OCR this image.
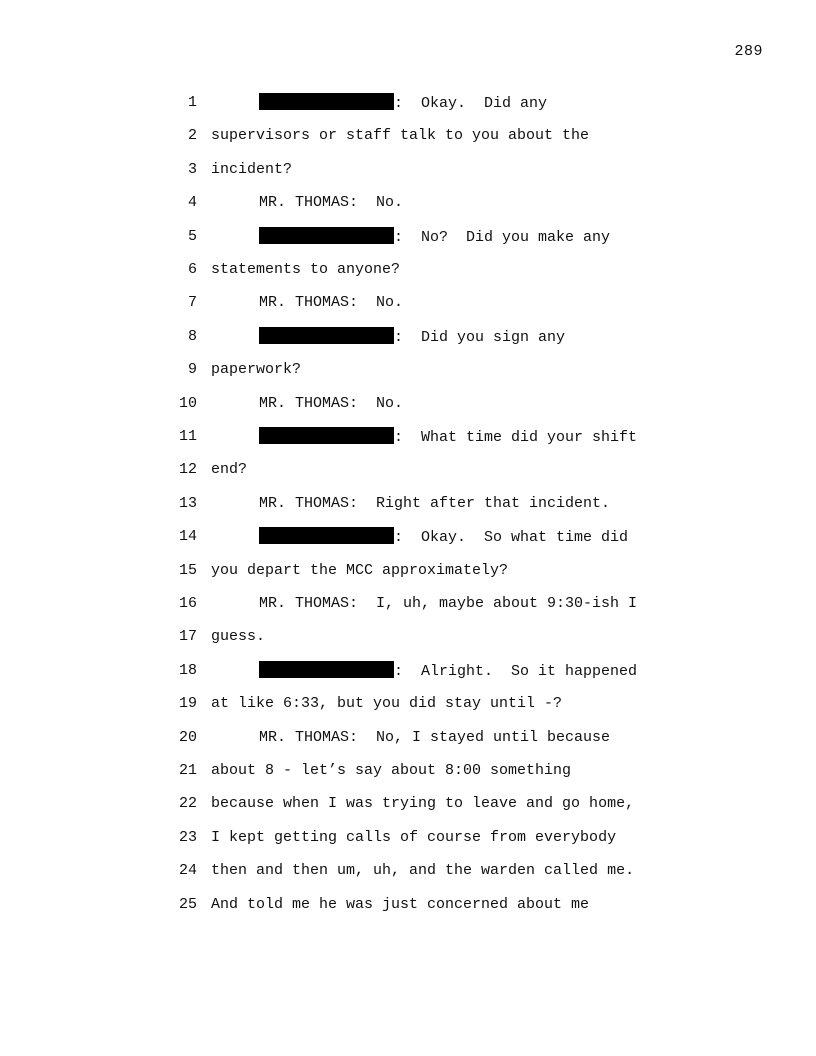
289
1	:  Okay.  Did any
2 supervisors or staff talk to you about the
3 incident?
4	MR. THOMAS:  No.
5	:  No?  Did you make any
6 statements to anyone?
7	MR. THOMAS:  No.
8	:  Did you sign any
9 paperwork?
10	MR. THOMAS:  No.
11	:  What time did your shift
12 end?
13	MR. THOMAS:  Right after that incident.
14	:  Okay.  So what time did
15 you depart the MCC approximately?
16	MR. THOMAS:  I, uh, maybe about 9:30-ish I
17 guess.
18	:  Alright.  So it happened
19 at like 6:33, but you did stay until -?
20	MR. THOMAS:  No, I stayed until because
21 about 8 - let’s say about 8:00 something
22 because when I was trying to leave and go home,
23 I kept getting calls of course from everybody
24 then and then um, uh, and the warden called me.
25 And told me he was just concerned about me
